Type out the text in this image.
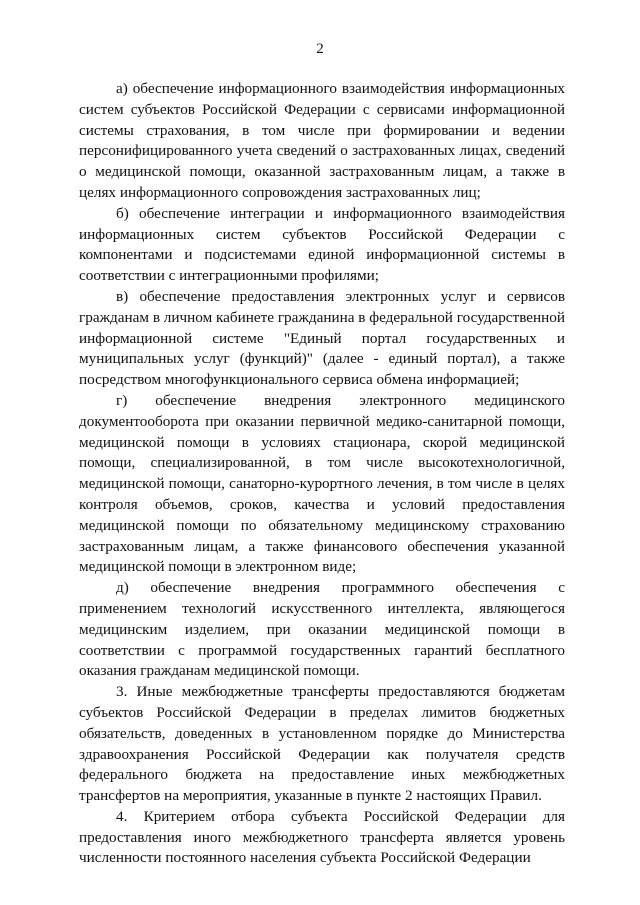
2

а) обеспечение информационного взаимодействия информационных систем субъектов Российской Федерации с сервисами информационной системы страхования, в том числе при формировании и ведении персонифицированного учета сведений о застрахованных лицах, сведений о медицинской помощи, оказанной застрахованным лицам, а также в целях информационного сопровождения застрахованных лиц;

б) обеспечение интеграции и информационного взаимодействия информационных систем субъектов Российской Федерации с компонентами и подсистемами единой информационной системы в соответствии с интеграционными профилями;

в) обеспечение предоставления электронных услуг и сервисов гражданам в личном кабинете гражданина в федеральной государственной информационной системе "Единый портал государственных и муниципальных услуг (функций)" (далее - единый портал), а также посредством многофункционального сервиса обмена информацией;

г) обеспечение внедрения электронного медицинского документооборота при оказании первичной медико-санитарной помощи, медицинской помощи в условиях стационара, скорой медицинской помощи, специализированной, в том числе высокотехнологичной, медицинской помощи, санаторно-курортного лечения, в том числе в целях контроля объемов, сроков, качества и условий предоставления медицинской помощи по обязательному медицинскому страхованию застрахованным лицам, а также финансового обеспечения указанной медицинской помощи в электронном виде;

д) обеспечение внедрения программного обеспечения с применением технологий искусственного интеллекта, являющегося медицинским изделием, при оказании медицинской помощи в соответствии с программой государственных гарантий бесплатного оказания гражданам медицинской помощи.

3. Иные межбюджетные трансферты предоставляются бюджетам субъектов Российской Федерации в пределах лимитов бюджетных обязательств, доведенных в установленном порядке до Министерства здравоохранения Российской Федерации как получателя средств федерального бюджета на предоставление иных межбюджетных трансфертов на мероприятия, указанные в пункте 2 настоящих Правил.

4. Критерием отбора субъекта Российской Федерации для предоставления иного межбюджетного трансферта является уровень численности постоянного населения субъекта Российской Федерации
